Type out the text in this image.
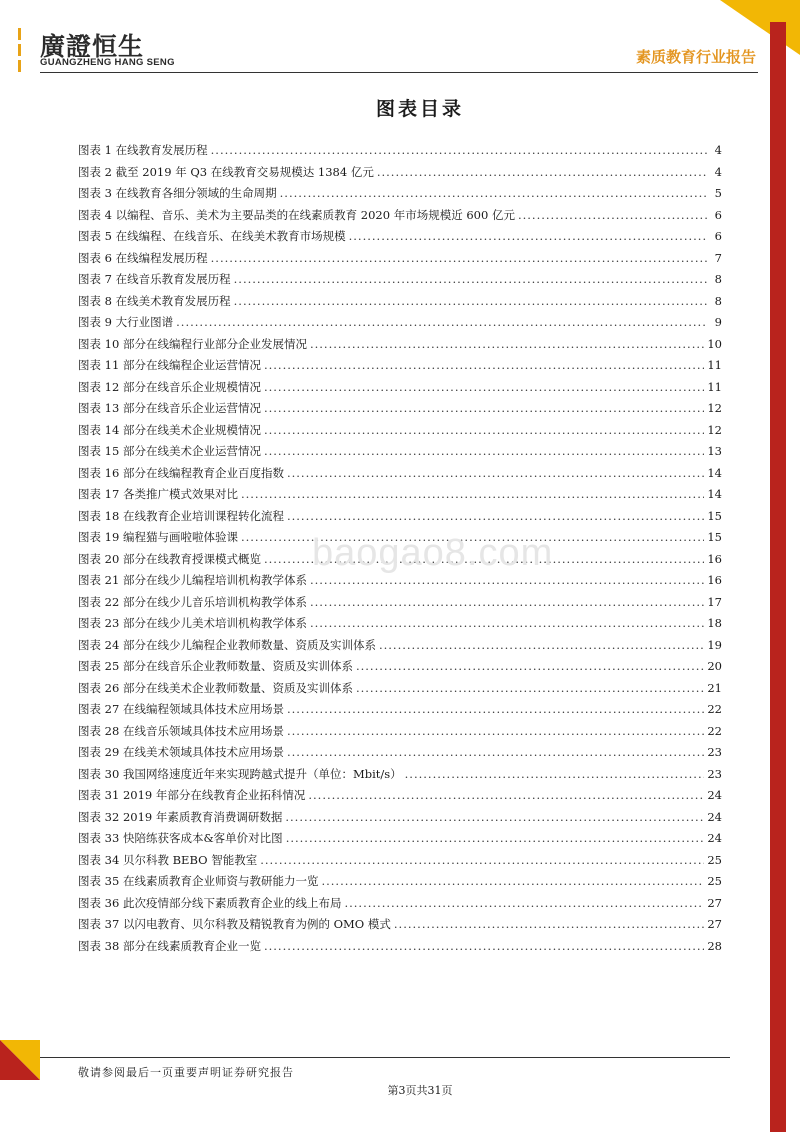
廣證恒生
GUANGZHENG HANG SENG	素质教育行业报告
图表目录
图表 1 在线教育发展历程 .....	4
图表 2 截至 2019 年 Q3 在线教育交易规模达 1384 亿元 .....	4
图表 3 在线教育各细分领域的生命周期 .....	5
图表 4 以编程、音乐、美术为主要品类的在线素质教育 2020 年市场规模近 600 亿元 .....	6
图表 5 在线编程、在线音乐、在线美术教育市场规模 .....	6
图表 6 在线编程发展历程 .....	7
图表 7 在线音乐教育发展历程 .....	8
图表 8 在线美术教育发展历程 .....	8
图表 9 大行业图谱 .....	9
图表 10 部分在线编程行业部分企业发展情况 .....	10
图表 11 部分在线编程企业运营情况 .....	11
图表 12 部分在线音乐企业规模情况 .....	11
图表 13 部分在线音乐企业运营情况 .....	12
图表 14 部分在线美术企业规模情况 .....	12
图表 15 部分在线美术企业运营情况 .....	13
图表 16 部分在线编程教育企业百度指数 .....	14
图表 17 各类推广模式效果对比 .....	14
图表 18 在线教育企业培训课程转化流程 .....	15
图表 19 编程猫与画啦啦体验课 .....	15
图表 20 部分在线教育授课模式概览 .....	16
图表 21 部分在线少儿编程培训机构教学体系 .....	16
图表 22 部分在线少儿音乐培训机构教学体系 .....	17
图表 23 部分在线少儿美术培训机构教学体系 .....	18
图表 24 部分在线少儿编程企业教师数量、资质及实训体系 .....	19
图表 25 部分在线音乐企业教师数量、资质及实训体系 .....	20
图表 26 部分在线美术企业教师数量、资质及实训体系 .....	21
图表 27 在线编程领域具体技术应用场景 .....	22
图表 28 在线音乐领域具体技术应用场景 .....	22
图表 29 在线美术领域具体技术应用场景 .....	23
图表 30 我国网络速度近年来实现跨越式提升（单位：Mbit/s） .....	23
图表 31 2019 年部分在线教育企业拓科情况 .....	24
图表 32 2019 年素质教育消费调研数据 .....	24
图表 33 快陪练获客成本&客单价对比图 .....	24
图表 34 贝尔科教 BEBO 智能教室 .....	25
图表 35 在线素质教育企业师资与教研能力一览 .....	25
图表 36 此次疫情部分线下素质教育企业的线上布局 .....	27
图表 37 以闪电教育、贝尔科教及精锐教育为例的 OMO 模式 .....	27
图表 38 部分在线素质教育企业一览 .....	28
baogao8.com
敬请参阅最后一页重要声明证券研究报告
第3页共31页
